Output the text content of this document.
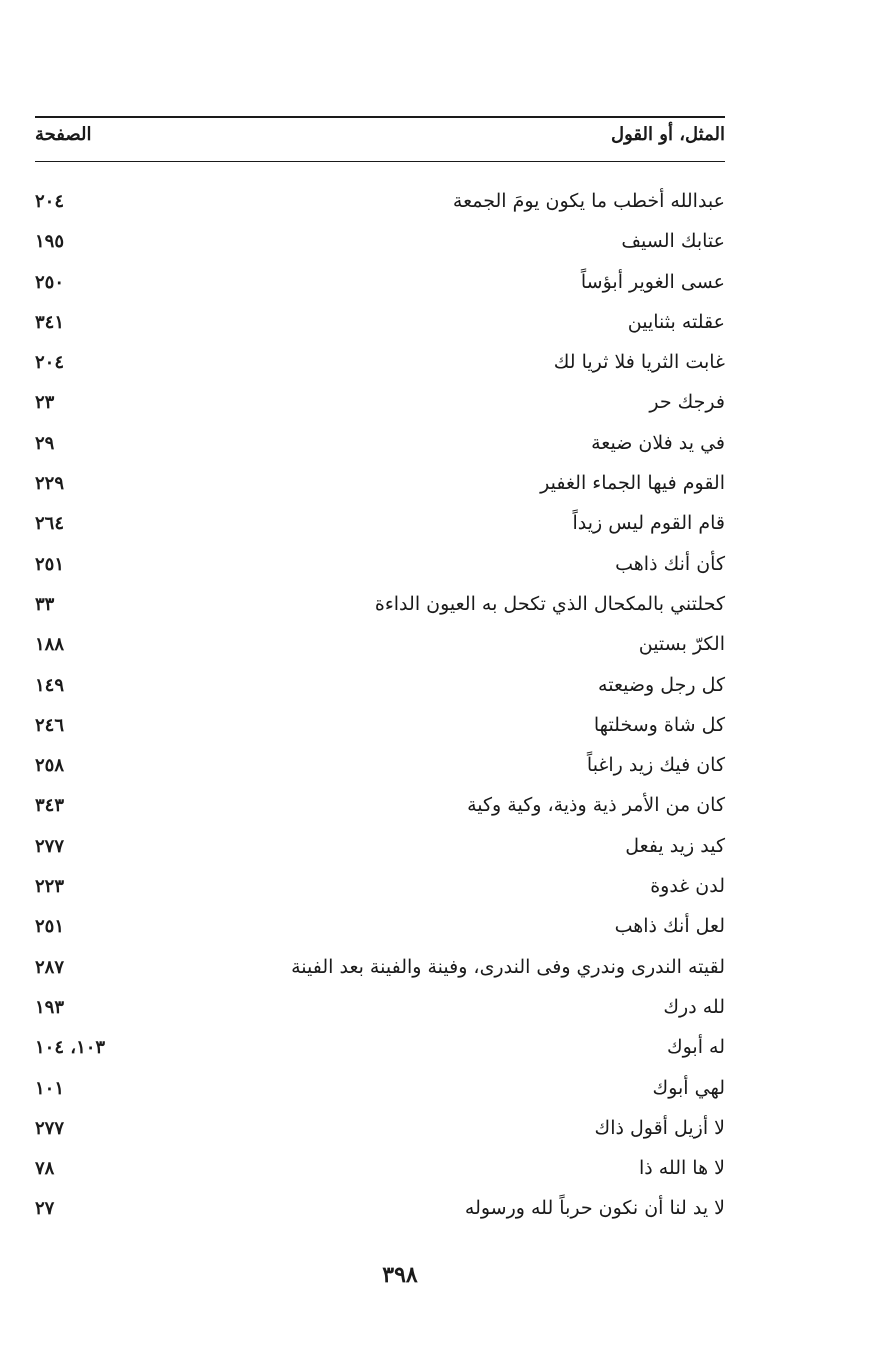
المثل، أو القول
الصفحة
عبدالله أخطب ما يكون يومَ الجمعة
٢٠٤
عتابك السيف
١٩٥
عسى الغوير أبؤساً
٢٥٠
عقلته بثنايين
٣٤١
غابت الثريا فلا ثريا لك
٢٠٤
فرجك حر
٢٣
في يد فلان ضيعة
٢٩
القوم فيها الجماء الغفير
٢٢٩
قام القوم ليس زيداً
٢٦٤
كأن أنك ذاهب
٢٥١
كحلتني بالمكحال الذي تكحل به العيون الداءة
٣٣
الكرّ بستين
١٨٨
كل رجل وضيعته
١٤٩
كل شاة وسخلتها
٢٤٦
كان فيك زيد راغباً
٢٥٨
كان من الأمر ذية وذية، وكية وكية
٣٤٣
كيد زيد يفعل
٢٧٧
لدن غدوة
٢٢٣
لعل أنك ذاهب
٢٥١
لقيته الندرى وندري وفى الندرى، وفينة والفينة بعد الفينة
٢٨٧
لله درك
١٩٣
له أبوك
١٠٣، ١٠٤
لهي أبوك
١٠١
لا أزيل أقول ذاك
٢٧٧
لا ها الله ذا
٧٨
لا يد لنا أن نكون حرباً لله ورسوله
٢٧
٣٩٨
